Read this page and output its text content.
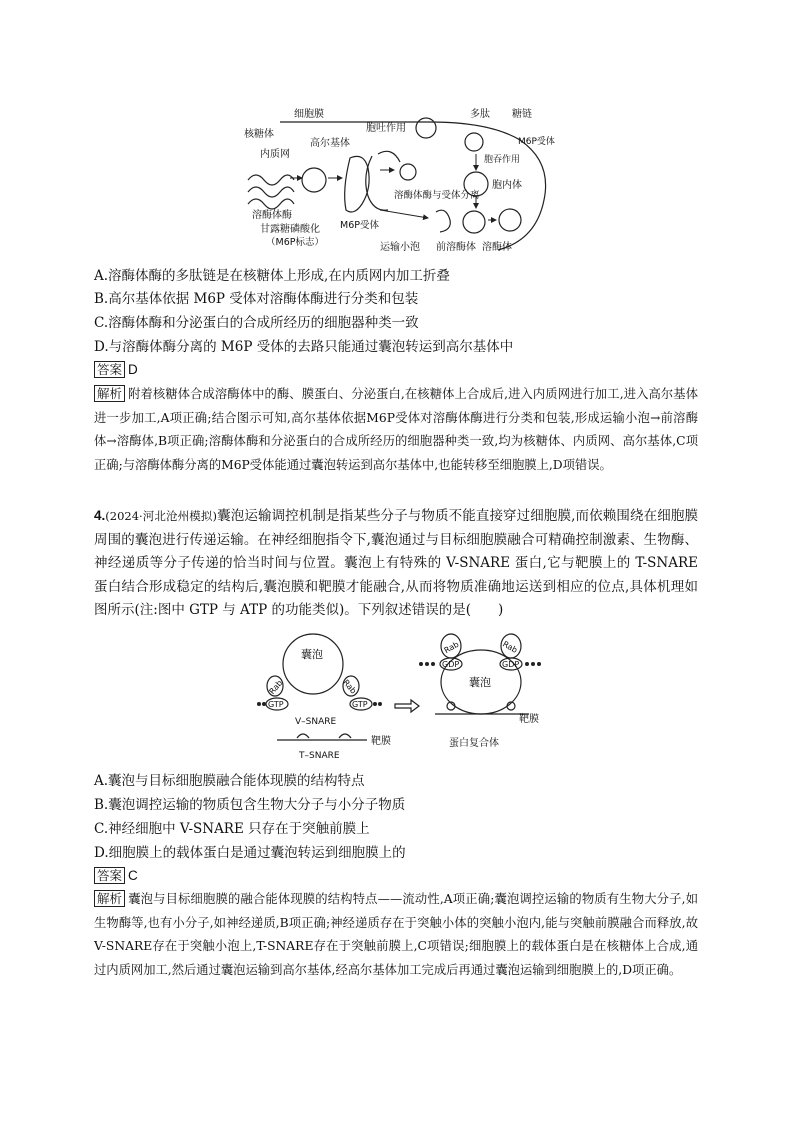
细胞膜
核糖体
内质网
高尔基体
胞吐作用
多肽 糖链
M6P受体
胞吞作用
胞内体
溶酶体酶
甘露糖磷酸化
（M6P标志）
M6P受体
溶酶体酶与受体分离
运输小泡 前溶酶体 溶酶体
A.溶酶体酶的多肽链是在核糖体上形成,在内质网内加工折叠
B.高尔基体依据 M6P 受体对溶酶体酶进行分类和包装
C.溶酶体酶和分泌蛋白的合成所经历的细胞器种类一致
D.与溶酶体酶分离的 M6P 受体的去路只能通过囊泡转运到高尔基体中
答案 D
解析 附着核糖体合成溶酶体中的酶、膜蛋白、分泌蛋白,在核糖体上合成后,进入内质网进行加工,进入高尔基体进一步加工,A项正确;结合图示可知,高尔基体依据M6P受体对溶酶体酶进行分类和包装,形成运输小泡→前溶酶体→溶酶体,B项正确;溶酶体酶和分泌蛋白的合成所经历的细胞器种类一致,均为核糖体、内质网、高尔基体,C项正确;与溶酶体酶分离的M6P受体能通过囊泡转运到高尔基体中,也能转移至细胞膜上,D项错误。
4.(2024·河北沧州模拟)囊泡运输调控机制是指某些分子与物质不能直接穿过细胞膜,而依赖围绕在细胞膜周围的囊泡进行传递运输。在神经细胞指令下,囊泡通过与目标细胞膜融合可精确控制激素、生物酶、神经递质等分子传递的恰当时间与位置。囊泡上有特殊的 V-SNARE 蛋白,它与靶膜上的 T-SNARE 蛋白结合形成稳定的结构后,囊泡膜和靶膜才能融合,从而将物质准确地运送到相应的位点,具体机理如图所示(注:图中 GTP 与 ATP 的功能类似)。下列叙述错误的是(　　)
囊泡
Rab	Rab
GTP	GTP
V–SNARE
靶膜
T–SNARE
囊泡
Rab	Rab
GDP	GDP
靶膜
蛋白复合体
A.囊泡与目标细胞膜融合能体现膜的结构特点
B.囊泡调控运输的物质包含生物大分子与小分子物质
C.神经细胞中 V-SNARE 只存在于突触前膜上
D.细胞膜上的载体蛋白是通过囊泡转运到细胞膜上的
答案 C
解析 囊泡与目标细胞膜的融合能体现膜的结构特点——流动性,A项正确;囊泡调控运输的物质有生物大分子,如生物酶等,也有小分子,如神经递质,B项正确;神经递质存在于突触小体的突触小泡内,能与突触前膜融合而释放,故V-SNARE存在于突触小泡上,T-SNARE存在于突触前膜上,C项错误;细胞膜上的载体蛋白是在核糖体上合成,通过内质网加工,然后通过囊泡运输到高尔基体,经高尔基体加工完成后再通过囊泡运输到细胞膜上的,D项正确。
